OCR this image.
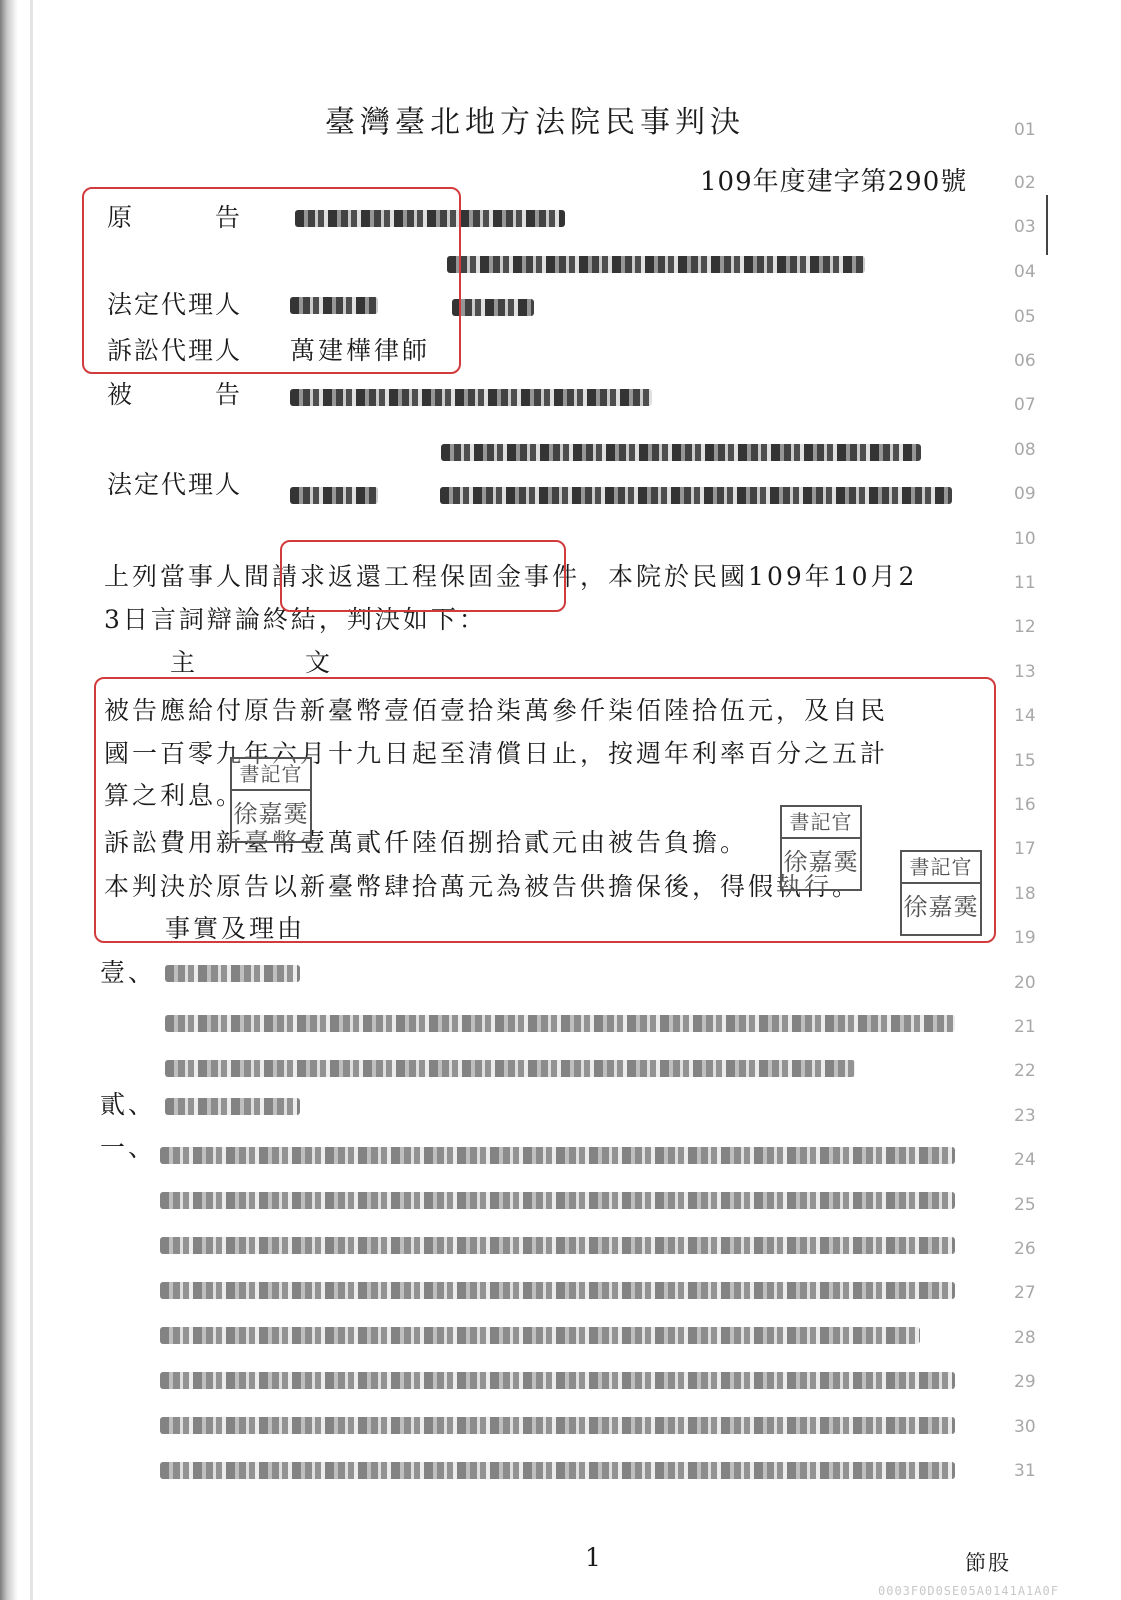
臺灣臺北地方法院民事判決
109年度建字第290號
原　　　告
法定代理人
訴訟代理人 萬建樺律師
被　　　告
法定代理人
上列當事人間請求返還工程保固金事件，本院於民國109年10月2
3日言詞辯論終結，判決如下：
主　　　　文
被告應給付原告新臺幣壹佰壹拾柒萬參仟柒佰陸拾伍元，及自民
國一百零九年六月十九日起至清償日止，按週年利率百分之五計
算之利息。
訴訟費用新臺幣壹萬貳仟陸佰捌拾貳元由被告負擔。
本判決於原告以新臺幣肆拾萬元為被告供擔保後，得假執行。
事實及理由
書記官
徐嘉霙	書記官
徐嘉霙	書記官
徐嘉霙
壹、
貳、
一、
01
02
03
04
05
06
07
08
09
10
11
12
13
14
15
16
17
18
19
20
21
22
23
24
25
26
27
28
29
30
31
1	節股
0003F0D0SE05A0141A1A0F
